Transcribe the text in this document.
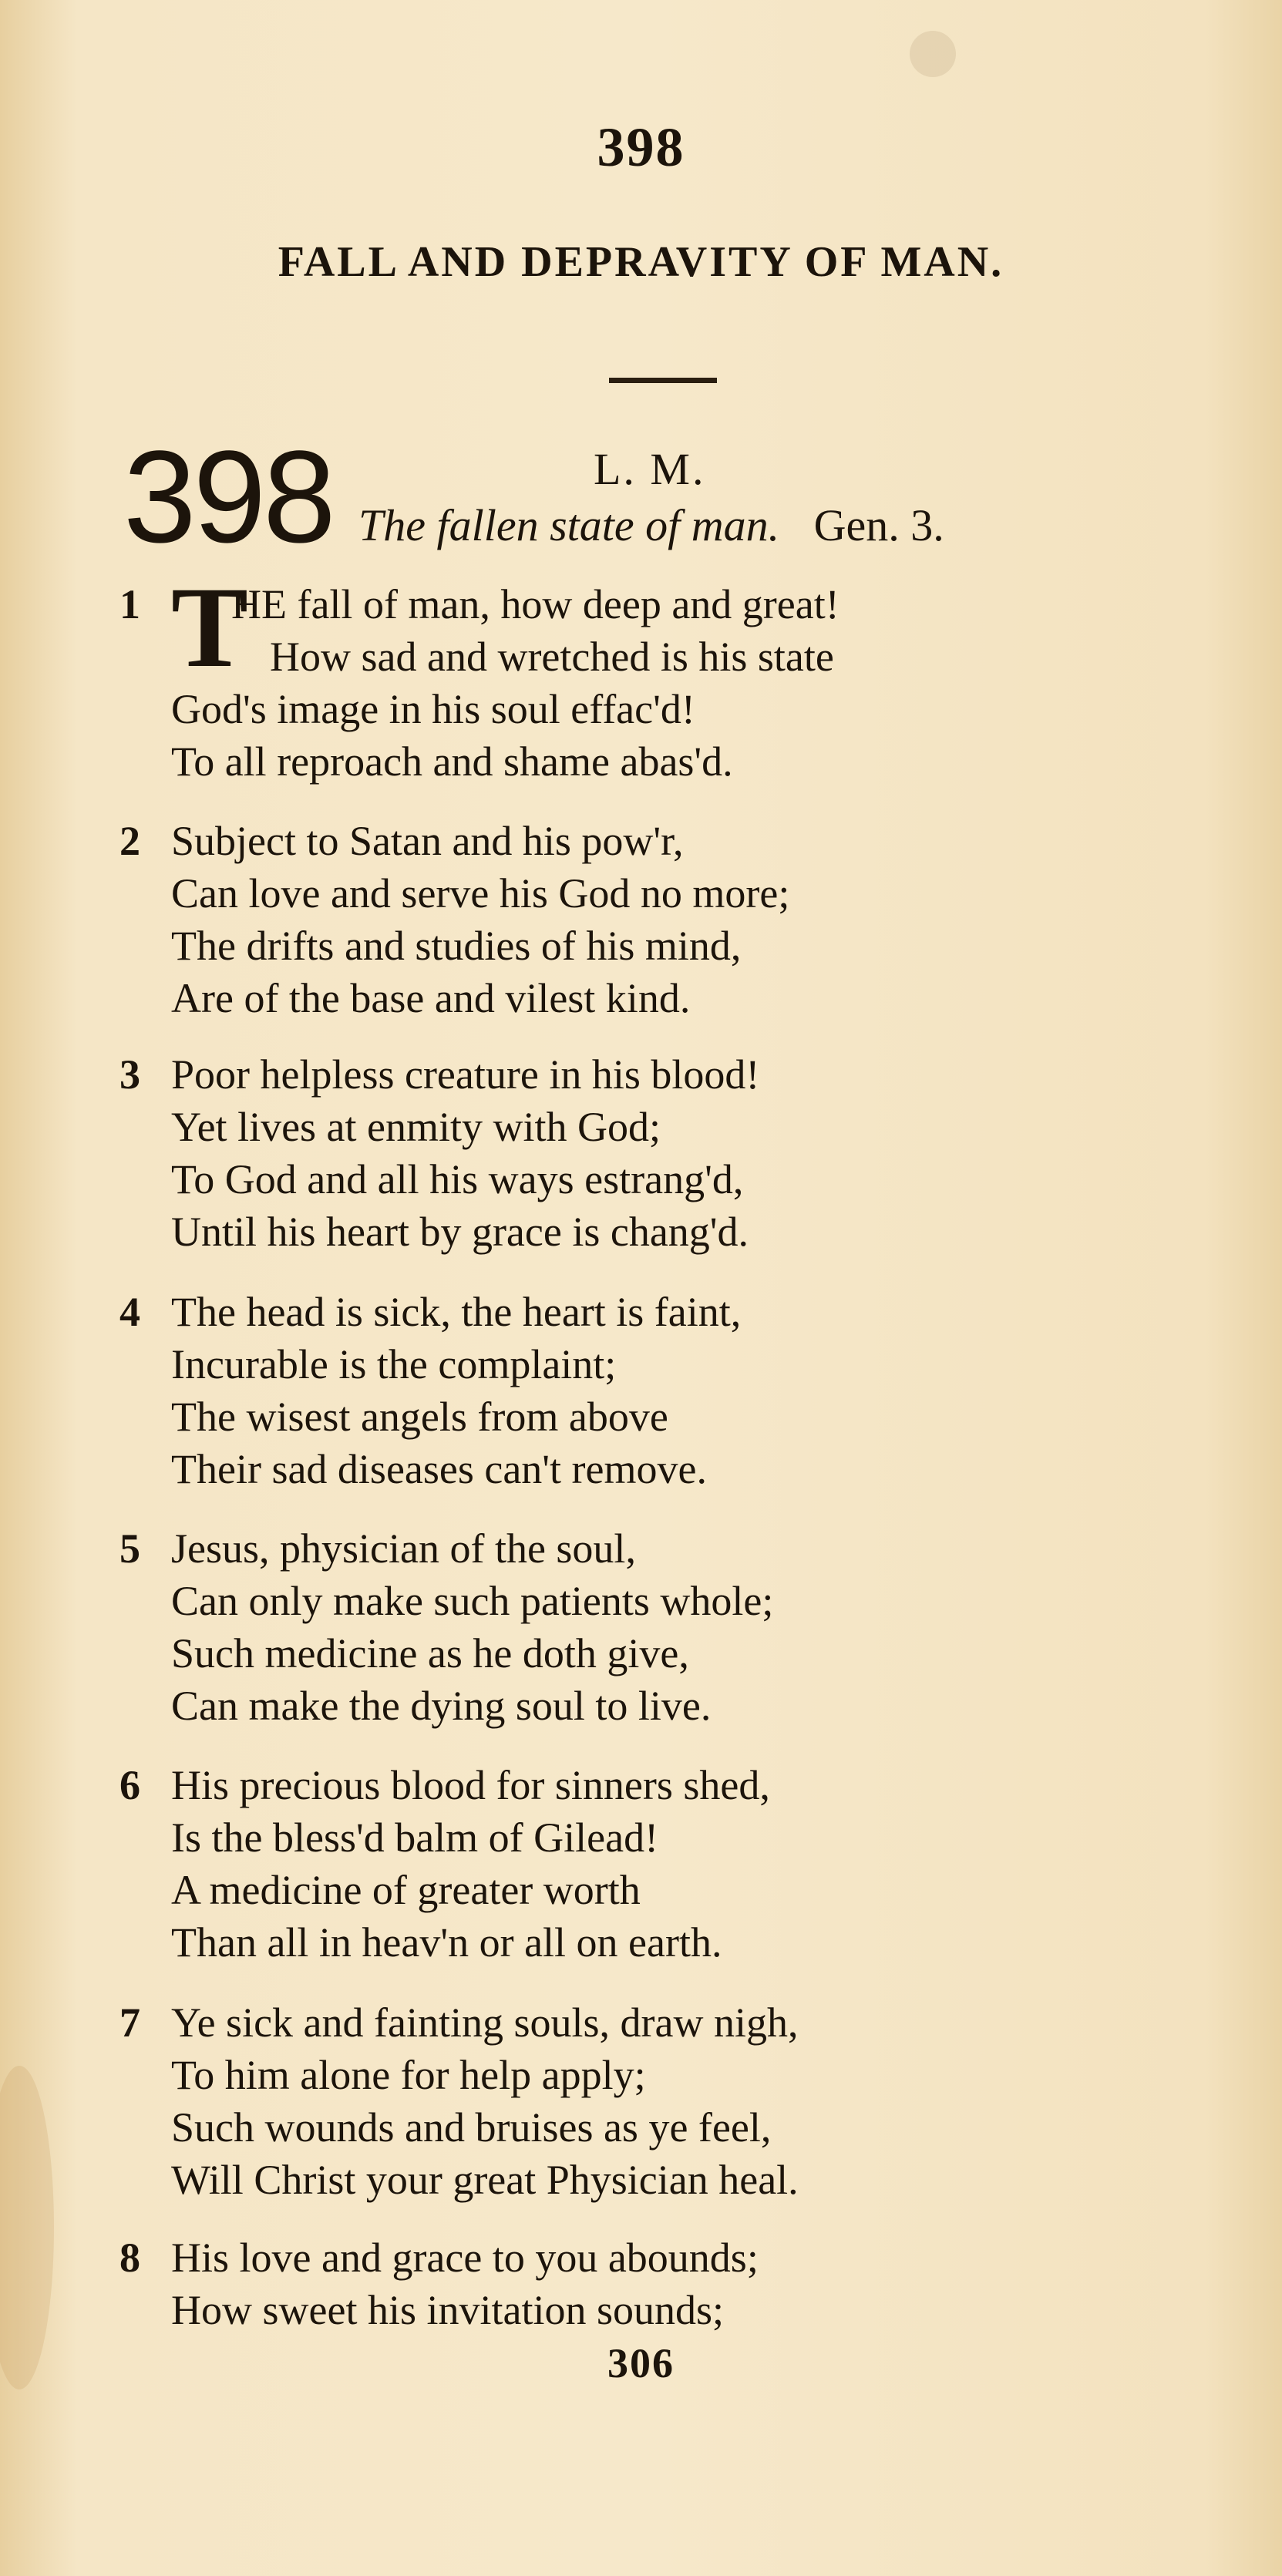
398
FALL AND DEPRAVITY OF MAN.
398	L. M.
The fallen state of man. Gen. 3.
1 T
HE fall of man, how deep and great!
How sad and wretched is his state
God's image in his soul effac'd!
To all reproach and shame abas'd.
2 Subject to Satan and his pow'r,
Can love and serve his God no more;
The drifts and studies of his mind,
Are of the base and vilest kind.
3 Poor helpless creature in his blood!
Yet lives at enmity with God;
To God and all his ways estrang'd,
Until his heart by grace is chang'd.
4 The head is sick, the heart is faint,
Incurable is the complaint;
The wisest angels from above
Their sad diseases can't remove.
5 Jesus, physician of the soul,
Can only make such patients whole;
Such medicine as he doth give,
Can make the dying soul to live.
6 His precious blood for sinners shed,
Is the bless'd balm of Gilead!
A medicine of greater worth
Than all in heav'n or all on earth.
7 Ye sick and fainting souls, draw nigh,
To him alone for help apply;
Such wounds and bruises as ye feel,
Will Christ your great Physician heal.
8 His love and grace to you abounds;
How sweet his invitation sounds;
306
